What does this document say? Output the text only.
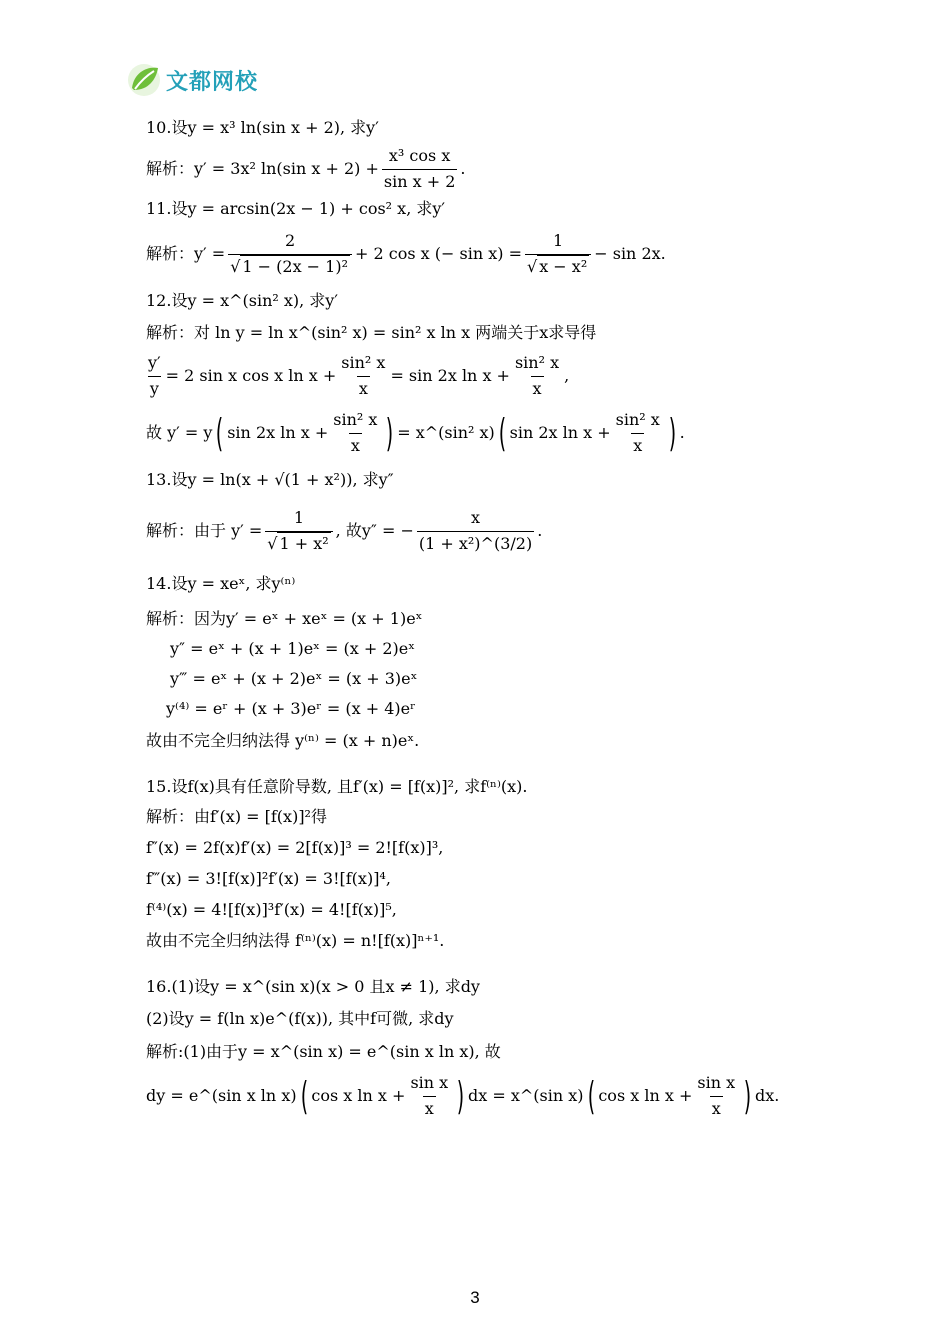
文都网校
10.设y = x³ ln(sin x + 2), 求y′
解析： y′ = 3x² ln(sin $x + 2) + \frac{\text{x³ cos x}}{\text{sin x + 2}}$ .
11.设y = arcsin(2x − 1) + cos² x, 求y′
解析： $y' = \frac{2}{\text{√ 1 − (2x − 1)²}} + 2$ cos x (− $\sin x) = \frac{1}{\text{√ x − x²}} - \sin 2x$.
12.设y = x^(sin² x), 求y′
解析：对 ln y = ln x^(sin² x) = sin² x ln x 两端关于x求导得
$\frac{y'}{y} = 2$ sin x cos x $\ln x + \frac{\text{sin² x}}{x} = \sin 2x$ $\ln x + \frac{\text{sin² x}}{x}$ ,
故 y′ = y ( sin 2x $\ln x + \frac{\text{sin² x}}{x}$ ) = x^(sin² x) ( sin 2x $\ln x + \frac{\text{sin² x}}{x}$ ) .
13.设y = ln(x + √(1 + x²)), 求y″
解析：由于 $y' = \frac{1}{\text{√ 1 + x²}}$ , 故y″ = − $\frac{x}{\text{(1 + x²)\textasciicircum{}(3/2)}}$ .
14.设y = xeˣ, 求y⁽ⁿ⁾
解析：因为y′ = eˣ + xeˣ = (x + 1)eˣ
y″ = eˣ + (x + 1)eˣ = (x + 2)eˣ
y‴ = eˣ + (x + 2)eˣ = (x + 3)eˣ
y⁽⁴⁾ = eʳ + (x + 3)eʳ = (x + 4)eʳ
故由不完全归纳法得 y⁽ⁿ⁾ = (x + n)eˣ.
15.设f(x)具有任意阶导数, 且f′(x) = [f(x)]², 求f⁽ⁿ⁾(x).
解析：由f′(x) = [f(x)]²得
f″(x) = 2f(x)f′(x) = 2[f(x)]³ = 2![f(x)]³,
f‴(x) = 3![f(x)]²f′(x) = 3![f(x)]⁴,
f⁽⁴⁾(x) = 4![f(x)]³f′(x) = 4![f(x)]⁵,
故由不完全归纳法得 f⁽ⁿ⁾(x) = n![f(x)]ⁿ⁺¹.
16.(1)设y = x^(sin x)(x > 0 且x ≠ 1), 求dy
(2)设y = f(ln x)e^(f(x)), 其中f可微, 求dy
解析:(1)由于y = x^(sin x) = e^(sin x ln x), 故
dy = e^(sin x ln x) ( cos x $\ln x + \frac{\text{sin x}}{x}$ ) dx = x^(sin x) ( cos x $\ln x + \frac{\text{sin x}}{x}$ ) dx.
3
